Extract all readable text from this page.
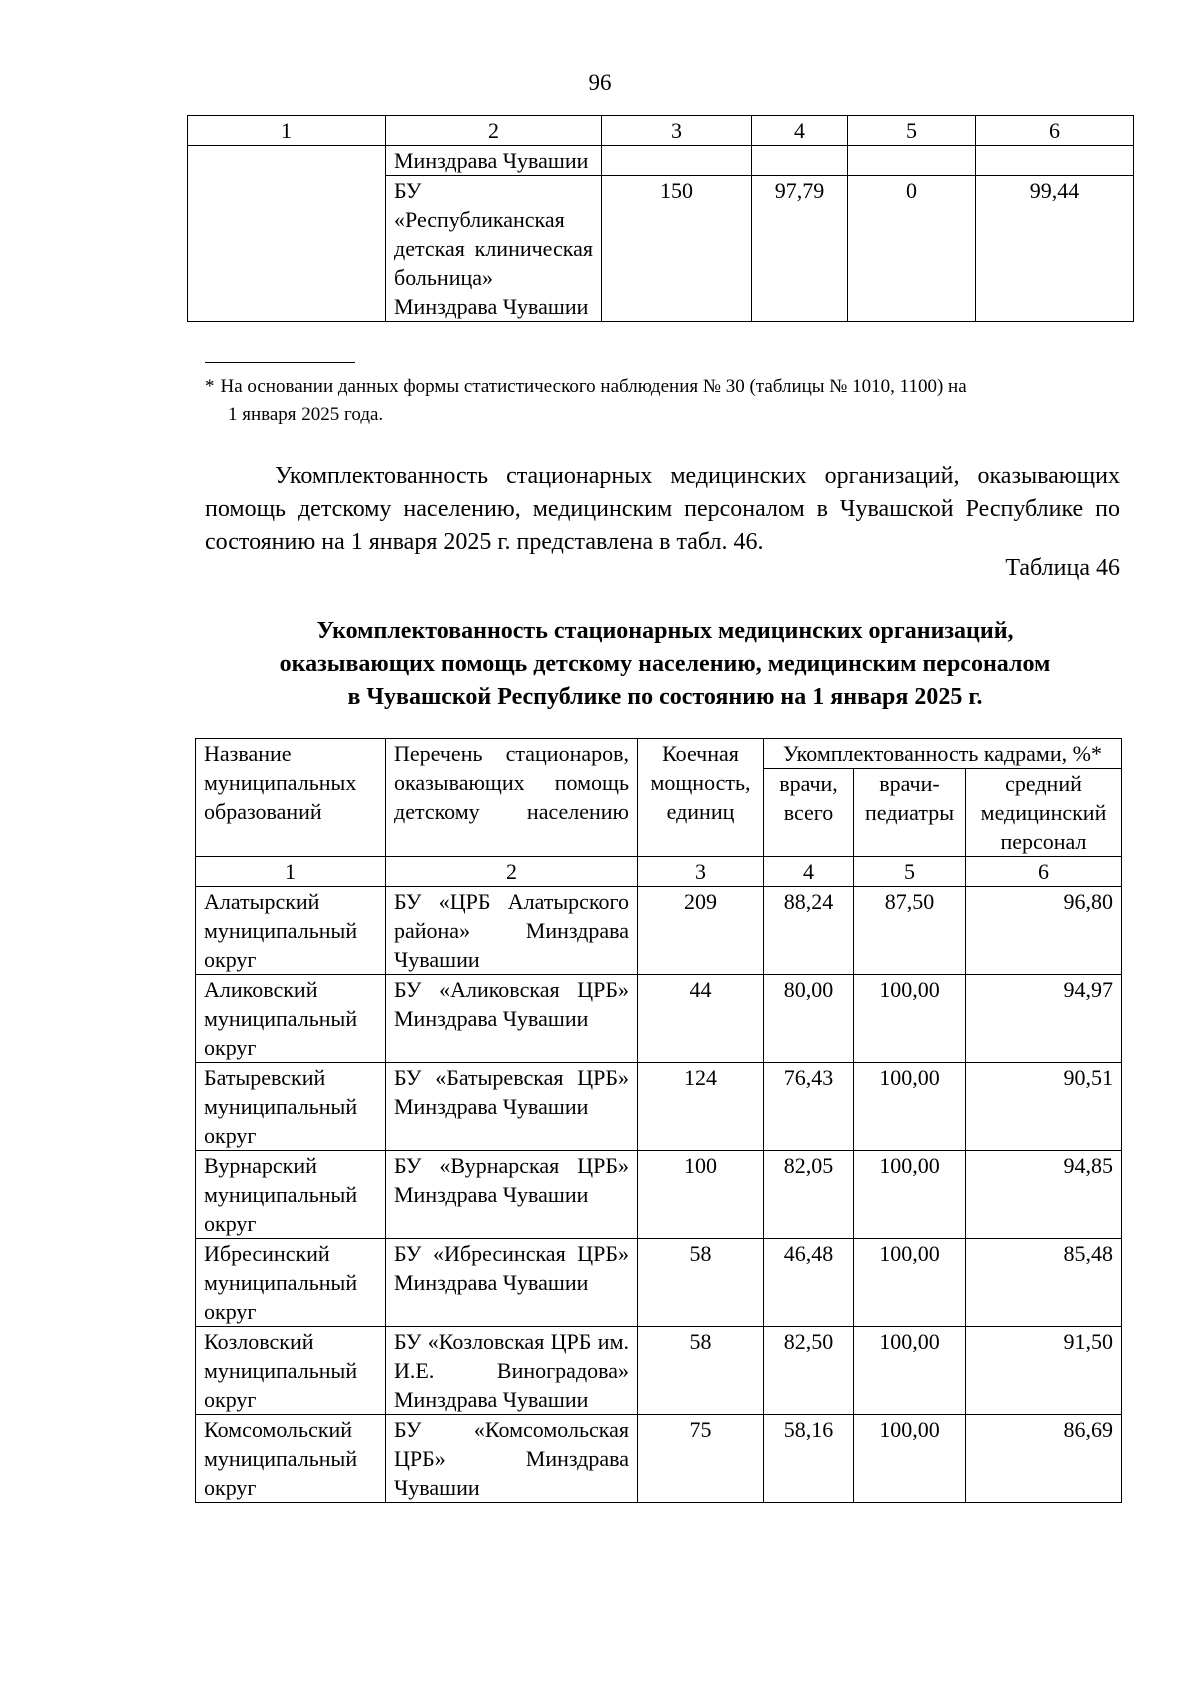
96
1	2	3	4	5	6
	Минздрава Чувашии				
	БУ «Республиканская детская клиническая больница» Минздрава Чувашии	150	97,79	0	99,44
* На основании данных формы статистического наблюдения № 30 (таблицы № 1010, 1100) на
1 января 2025 года.
Укомплектованность стационарных медицинских организаций, оказывающих помощь детскому населению, медицинским персоналом в Чувашской Республике по состоянию на 1 января 2025 г. представлена в табл. 46.
Таблица 46
Укомплектованность стационарных медицинских организаций,
оказывающих помощь детскому населению, медицинским персоналом
в Чувашской Республике по состоянию на 1 января 2025 г.
Название муниципальных образований	Перечень стационаров, оказывающих помощь детскому населению	Коечная мощность, единиц	Укомплектованность кадрами, %*		
			врачи, всего	врачи-педиатры	средний медицинский персонал
1	2	3	4	5	6
Алатырский муниципальный округ	БУ «ЦРБ Алатырского района» Минздрава Чувашии	209	88,24	87,50	96,80
Аликовский муниципальный округ	БУ «Аликовская ЦРБ» Минздрава Чувашии	44	80,00	100,00	94,97
Батыревский муниципальный округ	БУ «Батыревская ЦРБ» Минздрава Чувашии	124	76,43	100,00	90,51
Вурнарский муниципальный округ	БУ «Вурнарская ЦРБ» Минздрава Чувашии	100	82,05	100,00	94,85
Ибресинский муниципальный округ	БУ «Ибресинская ЦРБ» Минздрава Чувашии	58	46,48	100,00	85,48
Козловский муниципальный округ	БУ «Козловская ЦРБ им. И.Е. Виноградова» Минздрава Чувашии	58	82,50	100,00	91,50
Комсомольский муниципальный округ	БУ «Комсомольская ЦРБ» Минздрава Чувашии	75	58,16	100,00	86,69
